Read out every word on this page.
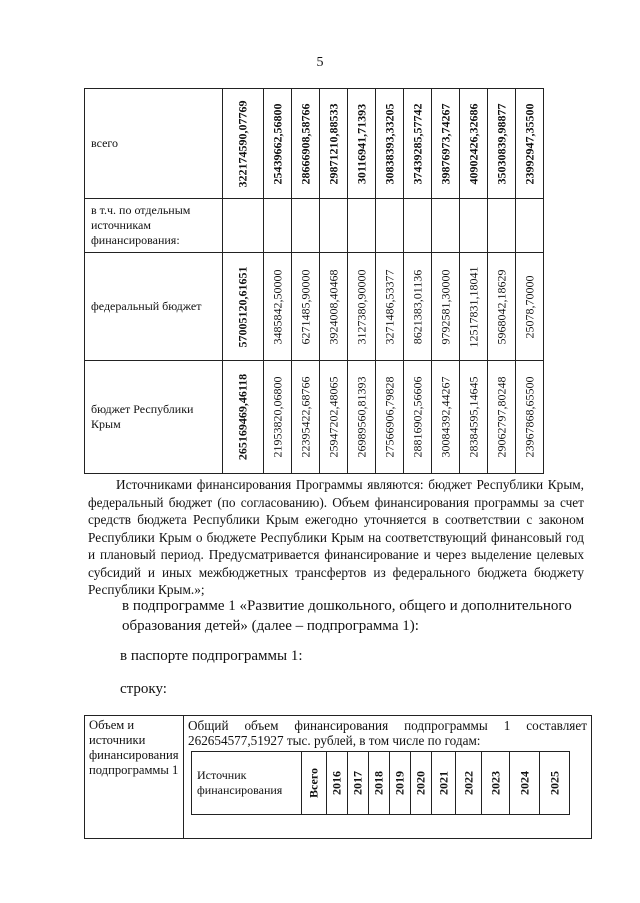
5
всего	32217459​0,07769	25439662,56800	28666908,58766	29871210,88533	30116941,71393	30838393,33205	37439285,57742	39876973,74267	40902426,32686	35030839,98877	23992947,35500

в т.ч. по отдельным источникам финансирования:											
федеральный бюджет	57005120,61651	3485842,50000	6271485,90000	3924008,40468	3127380,90000	3271486,53377	8621383,01136	9792581,30000	12517831,18041	5968042,18629	25078,70000

бюджет Республики Крым	265169469,46118	21953820,06800	22395422,68766	25947202,48065	26989560,81393	27566906,79828	28816902,56606	30084392,44267	28384595,14645	29062797,80248	23967868,65500
Источниками финансирования Программы являются: бюджет Республики Крым, федеральный бюджет (по согласованию). Объем финансирования программы за счет средств бюджета Республики Крым ежегодно уточняется в соответствии с законом Республики Крым о бюджете Республики Крым на соответствующий финансовый год и плановый период. Предусматривается финансирование и через выделение целевых субсидий и иных межбюджетных трансфертов из федерального бюджета бюджету Республики Крым.»;
в подпрограмме 1 «Развитие дошкольного, общего и дополнительного образования детей» (далее – подпрограмма 1):
в паспорте подпрограммы 1:
строку:
Объем и источники финансирования подпрограммы 1	
Общий объем финансирования подпрограммы 1 составляет 262654577,51927 тыс. рублей, в том числе по годам:
Источник финансирования	Всего	2016	2017	2018	2019	2020	2021	2022	2023	2024	2025
